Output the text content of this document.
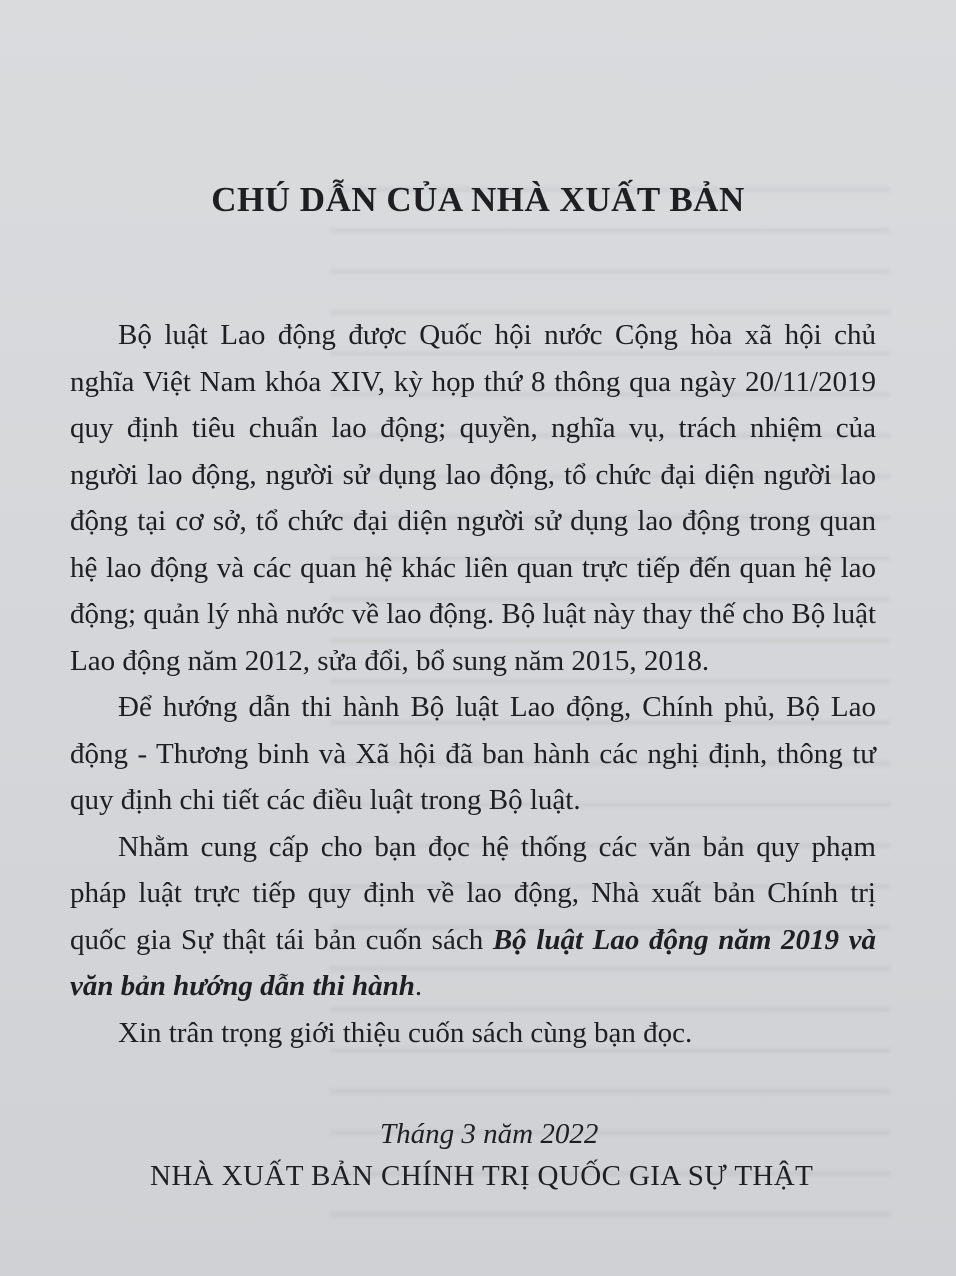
CHÚ DẪN CỦA NHÀ XUẤT BẢN

Bộ luật Lao động được Quốc hội nước Cộng hòa xã hội chủ nghĩa Việt Nam khóa XIV, kỳ họp thứ 8 thông qua ngày 20/11/2019 quy định tiêu chuẩn lao động; quyền, nghĩa vụ, trách nhiệm của người lao động, người sử dụng lao động, tổ chức đại diện người lao động tại cơ sở, tổ chức đại diện người sử dụng lao động trong quan hệ lao động và các quan hệ khác liên quan trực tiếp đến quan hệ lao động; quản lý nhà nước về lao động. Bộ luật này thay thế cho Bộ luật Lao động năm 2012, sửa đổi, bổ sung năm 2015, 2018.

Để hướng dẫn thi hành Bộ luật Lao động, Chính phủ, Bộ Lao động - Thương binh và Xã hội đã ban hành các nghị định, thông tư quy định chi tiết các điều luật trong Bộ luật.

Nhằm cung cấp cho bạn đọc hệ thống các văn bản quy phạm pháp luật trực tiếp quy định về lao động, Nhà xuất bản Chính trị quốc gia Sự thật tái bản cuốn sách Bộ luật Lao động năm 2019 và văn bản hướng dẫn thi hành.

Xin trân trọng giới thiệu cuốn sách cùng bạn đọc.

Tháng 3 năm 2022
NHÀ XUẤT BẢN CHÍNH TRỊ QUỐC GIA SỰ THẬT
